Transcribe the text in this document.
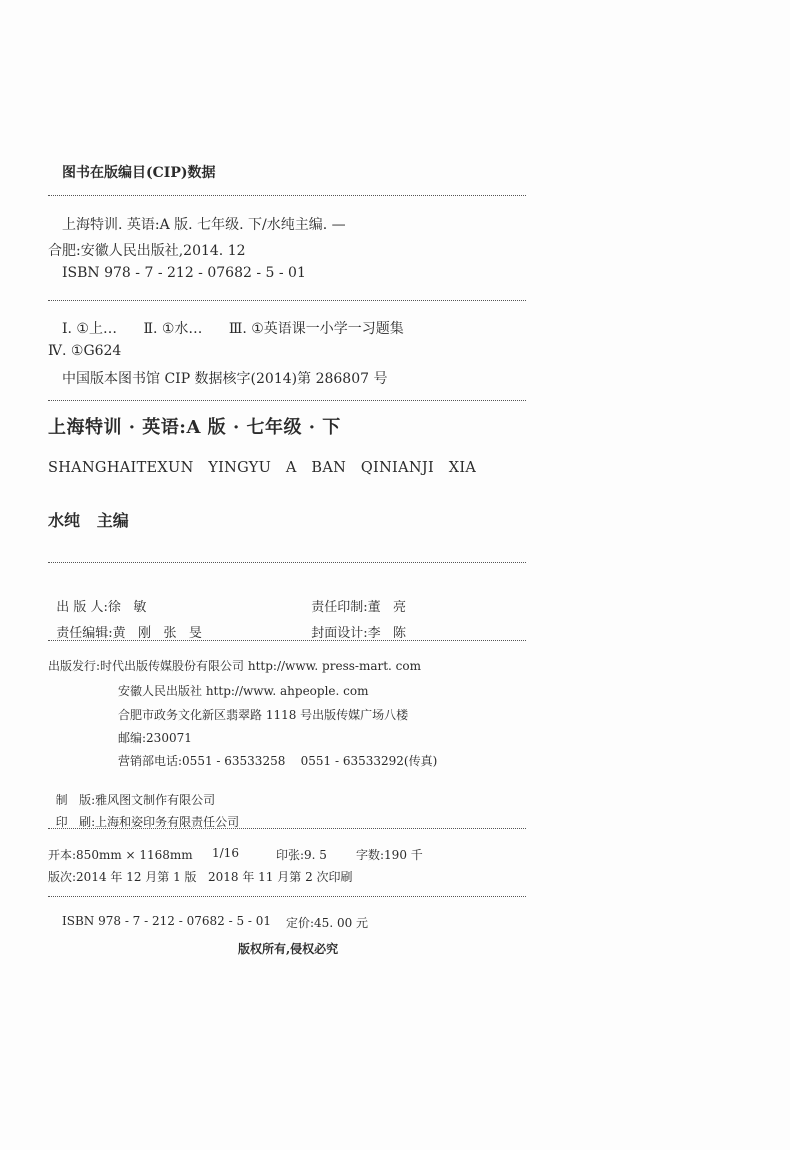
图书在版编目(CIP)数据
上海特训. 英语:A 版. 七年级. 下/水纯主编. —
合肥:安徽人民出版社,2014. 12
ISBN 978 - 7 - 212 - 07682 - 5 - 01
Ⅰ. ①上… Ⅱ. ①水… Ⅲ. ①英语课一小学一习题集
Ⅳ. ①G624
中国版本图书馆 CIP 数据核字(2014)第 286807 号
上海特训 · 英语:A 版 · 七年级 · 下
SHANGHAITEXUN   YINGYU   A   BAN   QINIANJI   XIA
水纯   主编

出 版 人:徐   敏	责任印制:董   亮

责任编辑:黄   刚   张   旻	封面设计:李   陈

出版发行:时代出版传媒股份有限公司 http://www. press-mart. com
安徽人民出版社 http://www. ahpeople. com
合肥市政务文化新区翡翠路 1118 号出版传媒广场八楼
邮编:230071
营销部电话:0551 - 63533258    0551 - 63533292(传真)

制   版:雅风图文制作有限公司

印   刷:上海和姿印务有限责任公司

开本:850mm × 1168mm 1/16	印张:9. 5 字数:190 千
版次:2014 年 12 月第 1 版   2018 年 11 月第 2 次印刷
ISBN 978 - 7 - 212 - 07682 - 5 - 01 定价:45. 00 元
版权所有,侵权必究
